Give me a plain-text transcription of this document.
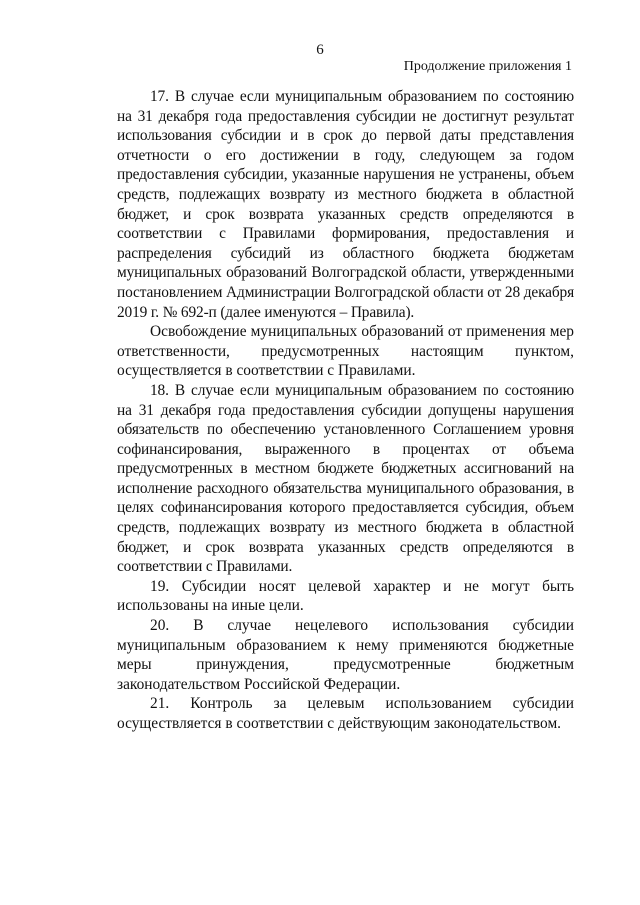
6
Продолжение приложения 1

17. В случае если муниципальным образованием по состоянию на 31 декабря года предоставления субсидии не достигнут результат использования субсидии и в срок до первой даты представления отчетности о его достижении в году, следующем за годом предоставления субсидии, указанные нарушения не устранены, объем средств, подлежащих возврату из местного бюджета в областной бюджет, и срок возврата указанных средств определяются в соответствии с Правилами формирования, предоставления и распределения субсидий из областного бюджета бюджетам муниципальных образований Волгоградской области, утвержденными постановлением Администрации Волгоградской области от 28 декабря 2019 г. № 692-п (далее именуются – Правила).

Освобождение муниципальных образований от применения мер ответственности, предусмотренных настоящим пунктом, осуществляется в соответствии с Правилами.

18. В случае если муниципальным образованием по состоянию на 31 декабря года предоставления субсидии допущены нарушения обязательств по обеспечению установленного Соглашением уровня софинансирования, выраженного в процентах от объема предусмотренных в местном бюджете бюджетных ассигнований на исполнение расходного обязательства муниципального образования, в целях софинансирования которого предоставляется субсидия, объем средств, подлежащих возврату из местного бюджета в областной бюджет, и срок возврата указанных средств определяются в соответствии с Правилами.

19. Субсидии носят целевой характер и не могут быть использованы на иные цели.

20. В случае нецелевого использования субсидии муниципальным образованием к нему применяются бюджетные меры принуждения, предусмотренные бюджетным законодательством Российской Федерации.

21. Контроль за целевым использованием субсидии осуществляется в соответствии с действующим законодательством.
